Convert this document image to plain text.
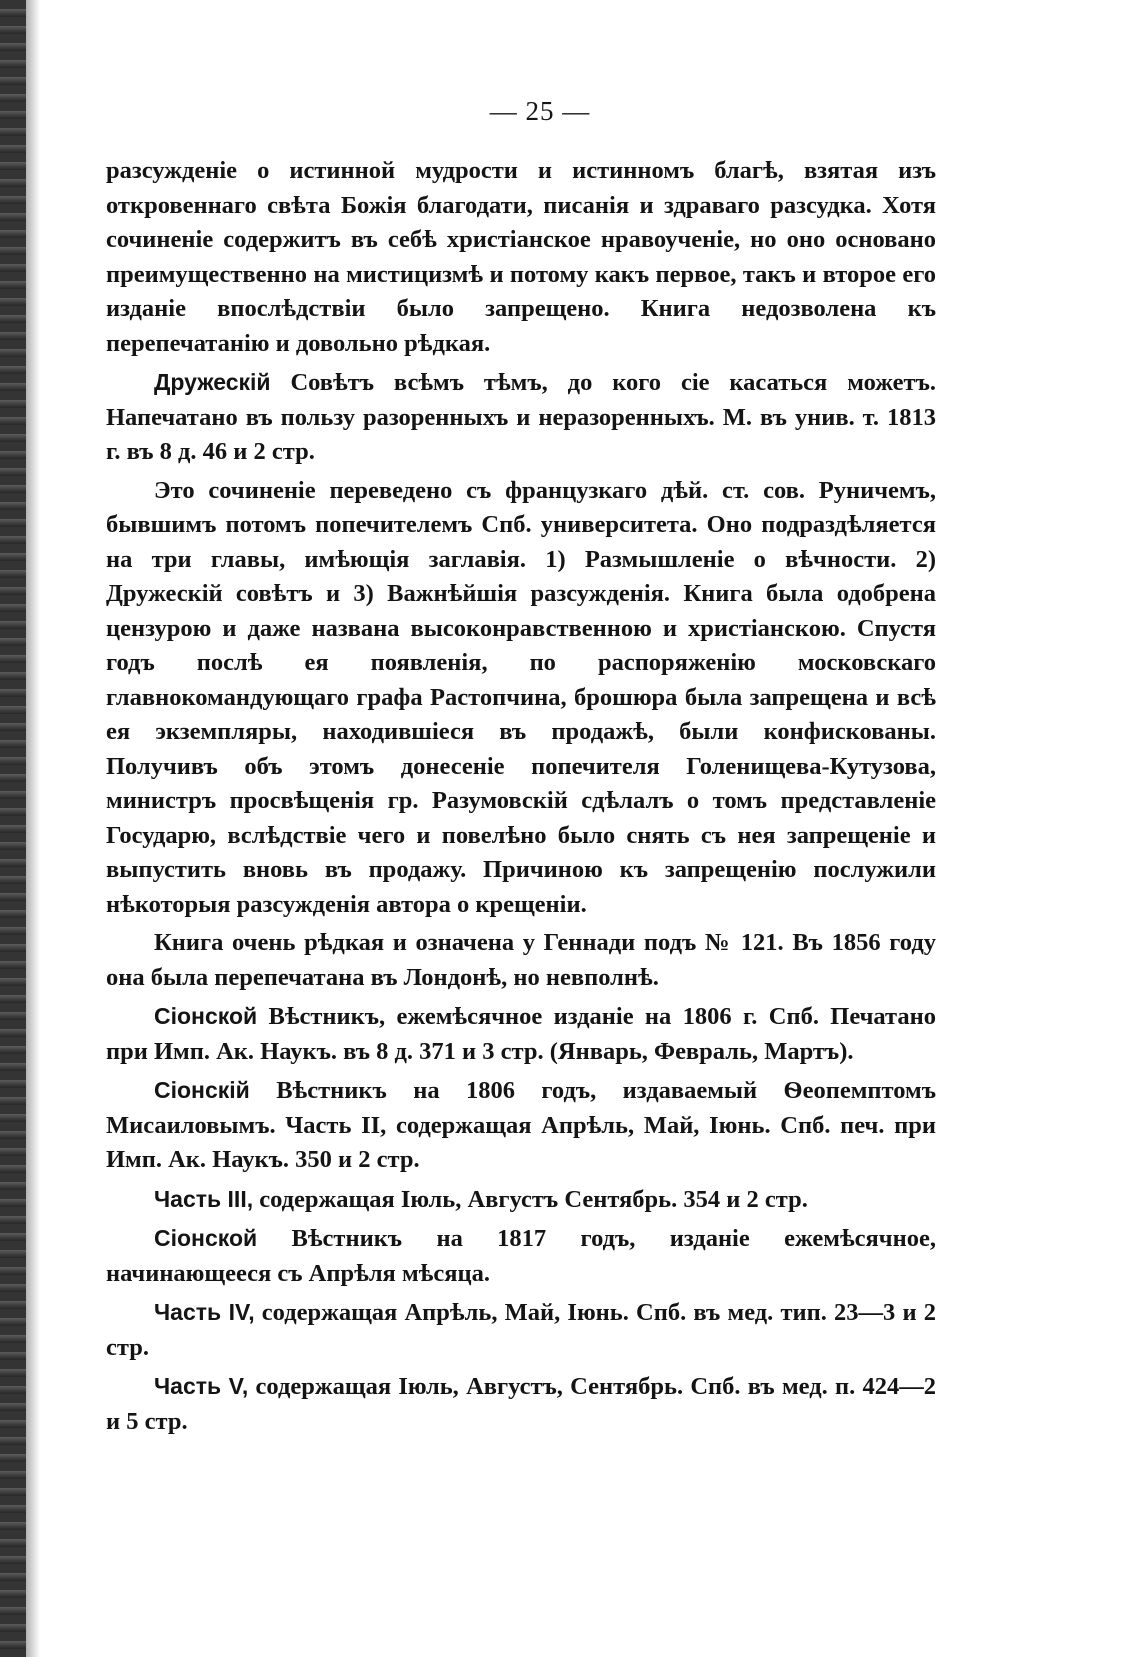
— 25 —

разсужденіе о истинной мудрости и истинномъ благѣ, взятая изъ откровеннаго свѣта Божія благодати, писанія и здраваго разсудка. Хотя сочиненіе содержитъ въ себѣ христіанское нравоученіе, но оно основано преимущественно на мистицизмѣ и потому какъ первое, такъ и второе его изданіе впослѣдствіи было запрещено. Книга недозволена къ перепечатанію и довольно рѣдкая.

Дружескій Совѣтъ всѣмъ тѣмъ, до кого сіе касаться можетъ. Напечатано въ пользу разоренныхъ и неразоренныхъ. М. въ унив. т. 1813 г. въ 8 д. 46 и 2 стр.

Это сочиненіе переведено съ французкаго дѣй. ст. сов. Руничемъ, бывшимъ потомъ попечителемъ Спб. университета. Оно подраздѣляется на три главы, имѣющія заглавія. 1) Размышленіе о вѣчности. 2) Дружескій совѣтъ и 3) Важнѣйшія разсужденія. Книга была одобрена цензурою и даже названа высоконравственною и христіанскою. Спустя годъ послѣ ея появленія, по распоряженію московскаго главнокомандующаго графа Растопчина, брошюра была запрещена и всѣ ея экземпляры, находившіеся въ продажѣ, были конфискованы. Получивъ объ этомъ донесеніе попечителя Голенищева-Кутузова, министръ просвѣщенія гр. Разумовскій сдѣлалъ о томъ представленіе Государю, вслѣдствіе чего и повелѣно было снять съ нея запрещеніе и выпустить вновь въ продажу. Причиною къ запрещенію послужили нѣкоторыя разсужденія автора о крещеніи.

Книга очень рѣдкая и означена у Геннади подъ № 121. Въ 1856 году она была перепечатана въ Лондонѣ, но невполнѣ.

Сіонской Вѣстникъ, ежемѣсячное изданіе на 1806 г. Спб. Печатано при Имп. Ак. Наукъ. въ 8 д. 371 и 3 стр. (Январь, Февраль, Мартъ).

Сіонскій Вѣстникъ на 1806 годъ, издаваемый Ѳеопемптомъ Мисаиловымъ. Часть II, содержащая Апрѣль, Май, Іюнь. Спб. печ. при Имп. Ак. Наукъ. 350 и 2 стр.

Часть III, содержащая Іюль, Августъ Сентябрь. 354 и 2 стр.

Сіонской Вѣстникъ на 1817 годъ, изданіе ежемѣсячное, начинающееся съ Апрѣля мѣсяца.

Часть IV, содержащая Апрѣль, Май, Іюнь. Спб. въ мед. тип. 23—3 и 2 стр.

Часть V, содержащая Іюль, Августъ, Сентябрь. Спб. въ мед. п. 424—2 и 5 стр.
